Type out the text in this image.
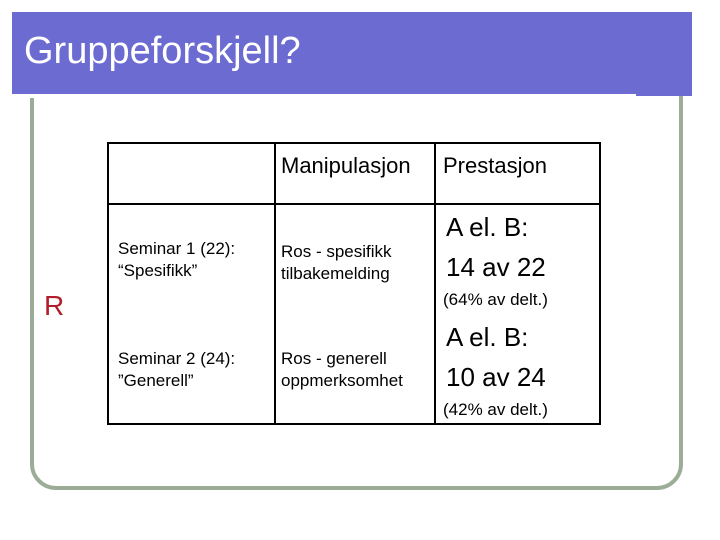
Gruppeforskjell?
R
Manipulasjon Prestasjon
Seminar 1 (22):
“Spesifikk”
Ros - spesifikk
tilbakemelding
A el. B:
14 av 22
(64% av delt.)
Seminar 2 (24):
”Generell”
Ros - generell
oppmerksomhet
A el. B:
10 av 24
(42% av delt.)
